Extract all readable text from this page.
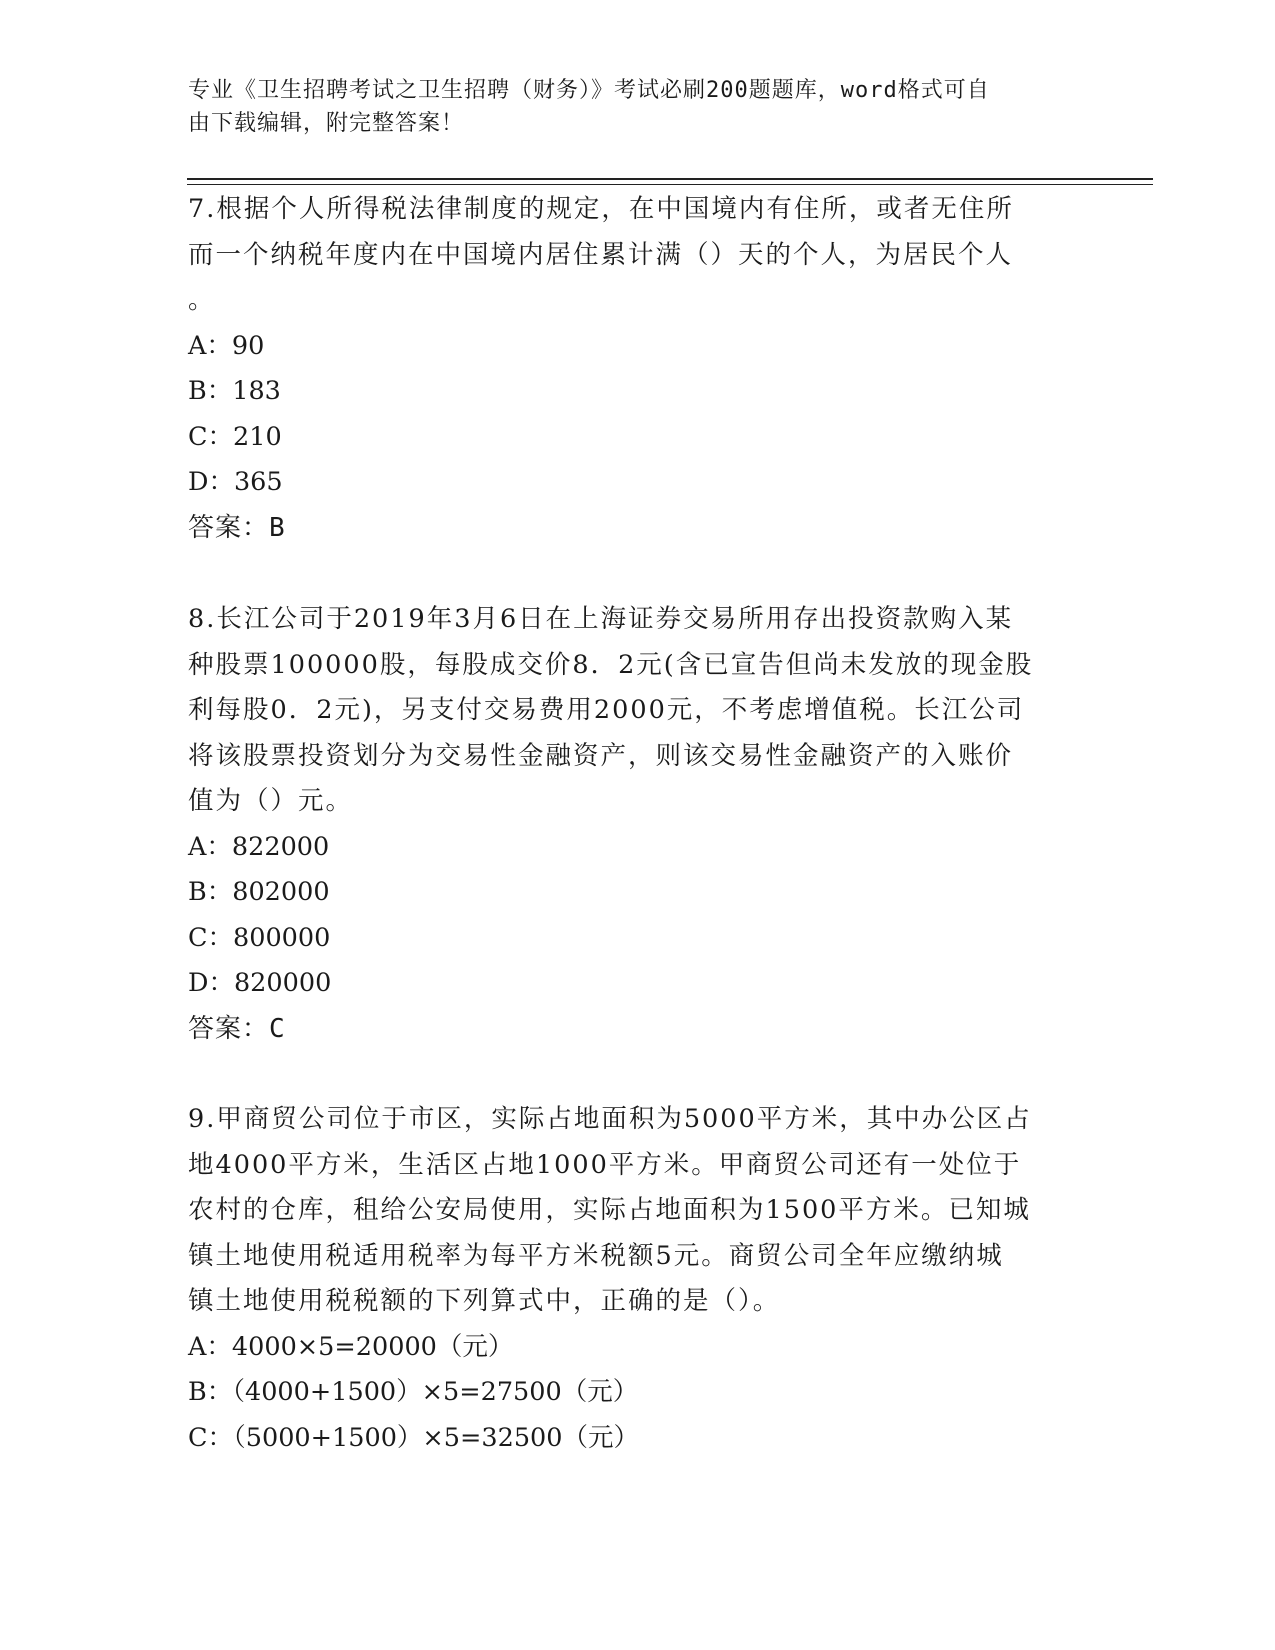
专业《卫生招聘考试之卫生招聘（财务）》考试必刷200题题库，word格式可自
由下载编辑，附完整答案！

7.根据个人所得税法律制度的规定，在中国境内有住所，或者无住所

而一个纳税年度内在中国境内居住累计满（）天的个人，为居民个人

。

A：90

B：183

C：210

D：365

答案：B

8.长江公司于2019年3月6日在上海证券交易所用存出投资款购入某

种股票100000股，每股成交价8．2元(含已宣告但尚未发放的现金股

利每股0．2元)，另支付交易费用2000元，不考虑增值税。长江公司

将该股票投资划分为交易性金融资产，则该交易性金融资产的入账价

值为（）元。

A：822000

B：802000

C：800000

D：820000

答案：C

9.甲商贸公司位于市区，实际占地面积为5000平方米，其中办公区占

地4000平方米，生活区占地1000平方米。甲商贸公司还有一处位于

农村的仓库，租给公安局使用，实际占地面积为1500平方米。已知城

镇土地使用税适用税率为每平方米税额5元。商贸公司全年应缴纳城

镇土地使用税税额的下列算式中，正确的是（）。

A：4000×5=20000（元）

B：（4000+1500）×5=27500（元）

C：（5000+1500）×5=32500（元）
